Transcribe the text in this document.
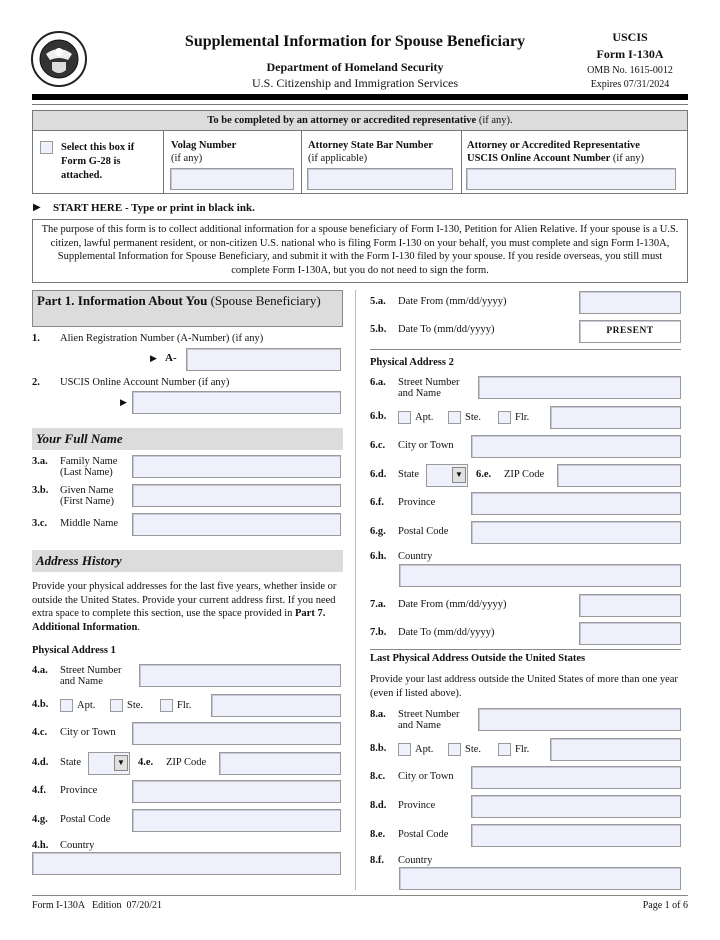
Supplemental Information for Spouse Beneficiary
Department of Homeland Security
U.S. Citizenship and Immigration Services
USCIS
Form I-130A
OMB No. 1615-0012
Expires 07/31/2024
To be completed by an attorney or accredited representative (if any).
Select this box if Form G-28 is attached.
Volag Number
(if any)
Attorney State Bar Number
(if applicable)
Attorney or Accredited Representative
USCIS Online Account Number (if any)
▶ START HERE - Type or print in black ink.
The purpose of this form is to collect additional information for a spouse beneficiary of Form I-130, Petition for Alien Relative. If your spouse is a U.S. citizen, lawful permanent resident, or non-citizen U.S. national who is filing Form I-130 on your behalf, you must complete and sign Form I-130A, Supplemental Information for Spouse Beneficiary, and submit it with the Form I-130 filed by your spouse. If you reside overseas, you still must complete Form I-130A, but you do not need to sign the form.
Part 1. Information About You (Spouse Beneficiary)
1. Alien Registration Number (A-Number) (if any)
▶ A-
2. USCIS Online Account Number (if any)
▶
Your Full Name
3.a. Family Name (Last Name)
3.b. Given Name (First Name)
3.c. Middle Name
Address History
Provide your physical addresses for the last five years, whether inside or outside the United States. Provide your current address first. If you need extra space to complete this section, use the space provided in Part 7. Additional Information.
Physical Address 1
4.a. Street Number and Name
4.b.	Apt.	Ste.	Flr.
4.c. City or Town
4.d. State	▼ 4.e. ZIP Code
4.f. Province
4.g. Postal Code
4.h. Country
5.a. Date From (mm/dd/yyyy)
5.b. Date To (mm/dd/yyyy)	PRESENT
Physical Address 2
6.a. Street Number and Name
6.b.	Apt.	Ste.	Flr.
6.c. City or Town
6.d. State	▼ 6.e. ZIP Code
6.f. Province
6.g. Postal Code
6.h. Country
7.a. Date From (mm/dd/yyyy)
7.b. Date To (mm/dd/yyyy)
Last Physical Address Outside the United States
Provide your last address outside the United States of more than one year (even if listed above).
8.a. Street Number and Name
8.b.	Apt.	Ste.	Flr.
8.c. City or Town
8.d. Province
8.e. Postal Code
8.f. Country
Form I-130A   Edition  07/20/21	Page 1 of 6
